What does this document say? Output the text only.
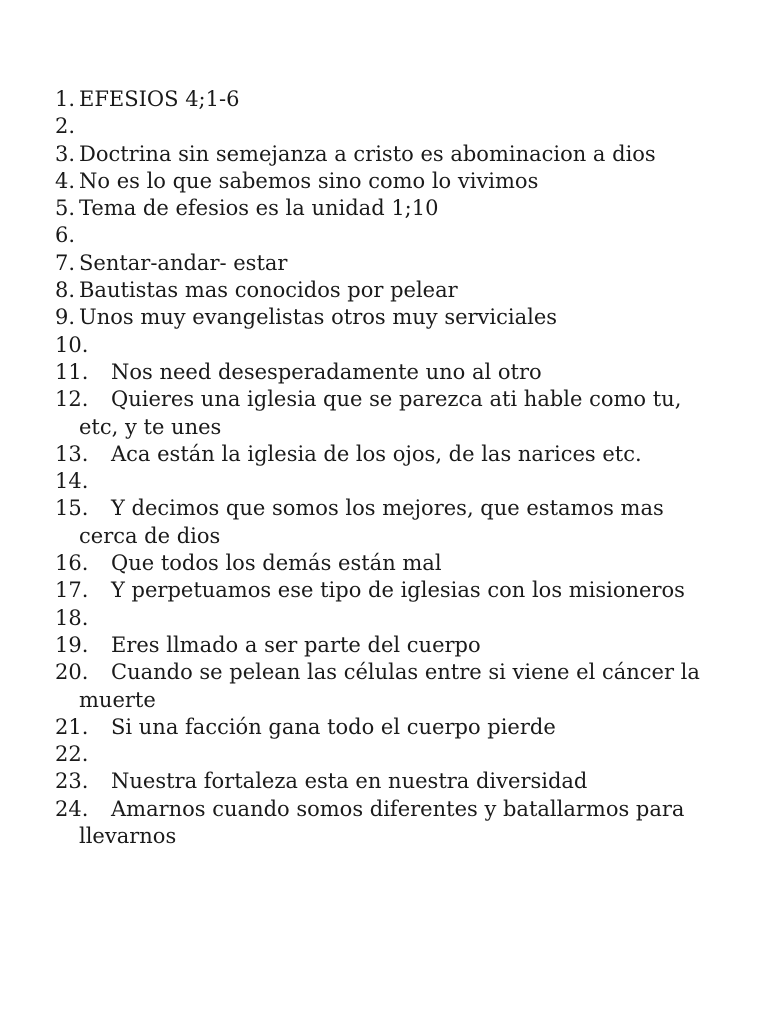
1. EFESIOS 4;1-6
2.
3. Doctrina sin semejanza a cristo es abominacion a dios
4. No es lo que sabemos sino como lo vivimos
5. Tema de efesios es la unidad 1;10
6.
7. Sentar-andar- estar
8. Bautistas mas conocidos por pelear
9. Unos muy evangelistas otros muy serviciales
10.
11. Nos need desesperadamente uno al otro
12. Quieres una iglesia que se parezca ati hable como tu, etc, y te unes
13. Aca están la iglesia de los ojos, de las narices etc.
14.
15. Y decimos que somos los mejores, que estamos mas cerca de dios
16. Que todos los demás están mal
17. Y perpetuamos ese tipo de iglesias con los misioneros
18.
19. Eres llmado a ser parte del cuerpo
20. Cuando se pelean las células entre si viene el cáncer la muerte
21. Si una facción gana todo el cuerpo pierde
22.
23. Nuestra fortaleza esta en nuestra diversidad
24. Amarnos cuando somos diferentes y batallarmos para llevarnos
